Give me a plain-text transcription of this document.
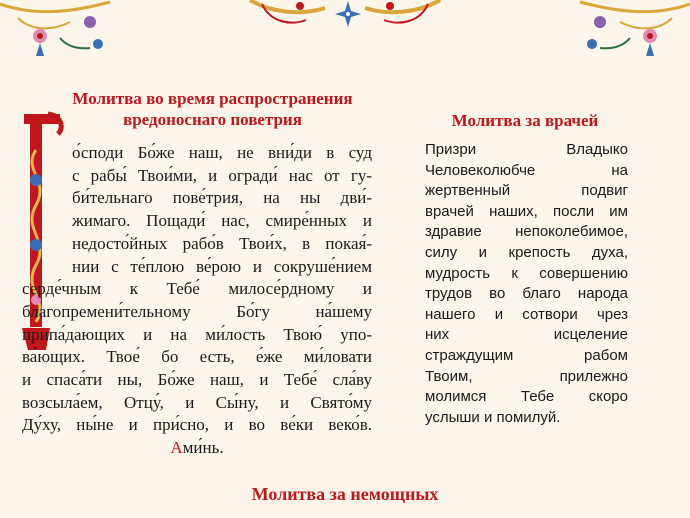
Молитва во время распространения
вредоноснаго поветрия	Молитва за врачей
о́споди Бо́же наш, не вни́ди в суд
с рабы́ Твои́ми, и огради́ нас от гу-
би́тельнаго пове́трия, на ны дви́-
жимаго. Пощади́ нас, смире́нных и
недосто́йных рабо́в Твои́х, в покая́-
нии с те́плою ве́рою и сокруше́нием
серде́чным к Тебе́ милосе́рдному и
благопремени́тельному Бо́гу на́шему
припа́дающих и на ми́лость Твою́ упо-
ва́ющих. Твое́ бо есть, е́же ми́ловати
и спаса́ти ны, Бо́же наш, и Тебе́ сла́ву
возсыла́ем, Отцу́, и Сы́ну, и Свято́му
Ду́ху, ны́не и при́сно, и во ве́ки веко́в.
Ами́нь.
Призри Владыко
Человеколюбче на
жертвенный подвиг
врачей наших, посли им
здравие непоколебимое,
силу и крепость духа,
мудрость к совершению
трудов во благо народа
нашего и сотвори чрез
них исцеление
страждущим рабом
Твоим, прилежно
молимся Тебе скоро
услыши и помилуй.
Молитва за немощных
